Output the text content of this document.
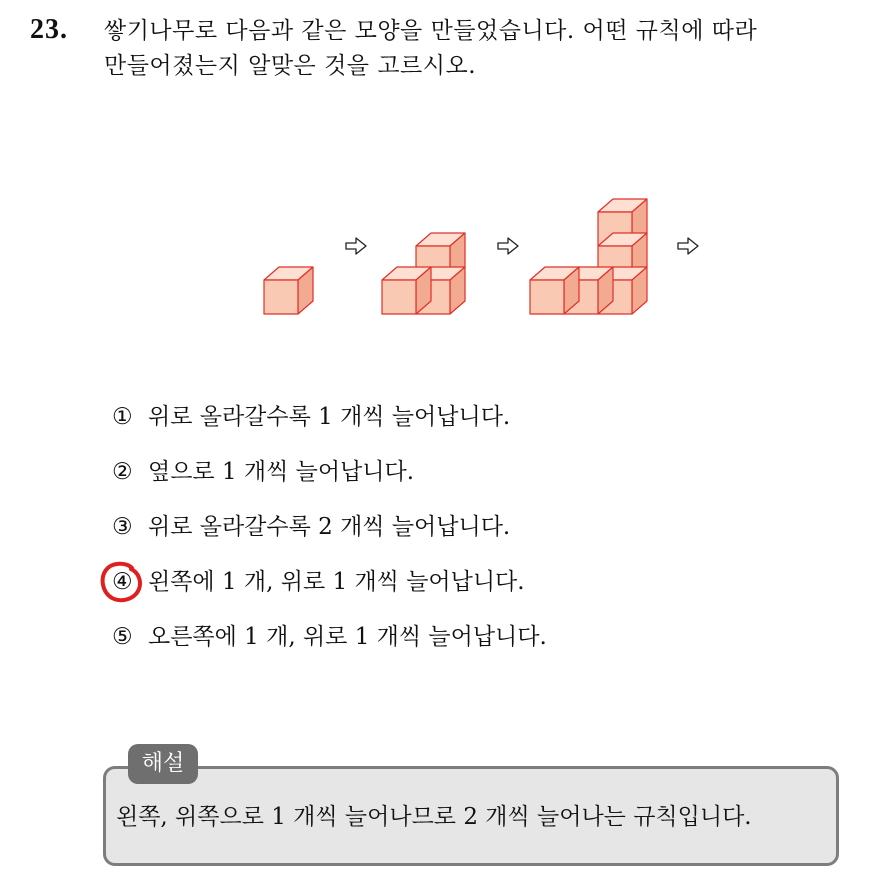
23. 쌓기나무로 다음과 같은 모양을 만들었습니다. 어떤 규칙에 따라
만들어졌는지 알맞은 것을 고르시오.
① 위로 올라갈수록 1 개씩 늘어납니다.
② 옆으로 1 개씩 늘어납니다.
③ 위로 올라갈수록 2 개씩 늘어납니다.
④ 왼쪽에 1 개, 위로 1 개씩 늘어납니다.
⑤ 오른쪽에 1 개, 위로 1 개씩 늘어납니다.
해설
왼쪽, 위쪽으로 1 개씩 늘어나므로 2 개씩 늘어나는 규칙입니다.
